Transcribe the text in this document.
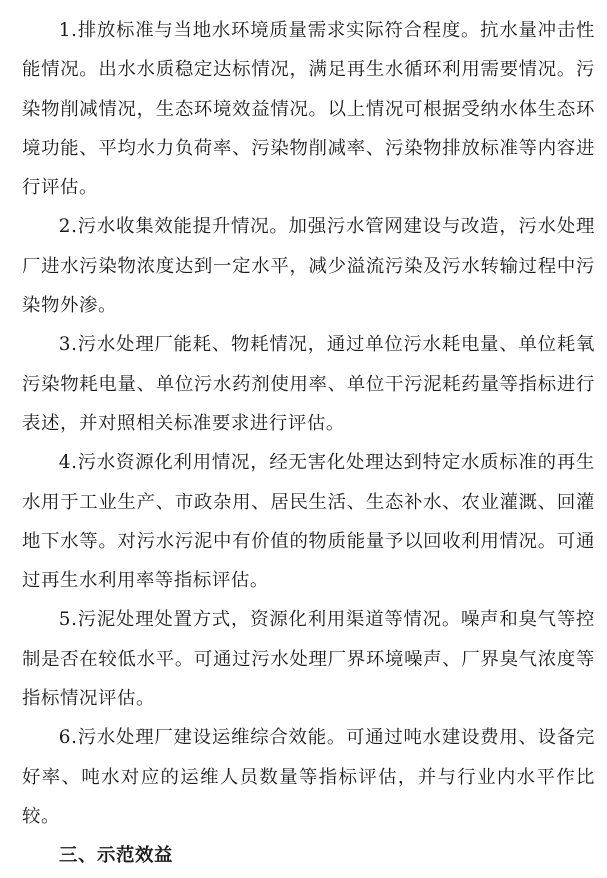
1.排放标准与当地水环境质量需求实际符合程度。抗水量冲击性能情况。出水水质稳定达标情况，满足再生水循环利用需要情况。污染物削减情况，生态环境效益情况。以上情况可根据受纳水体生态环境功能、平均水力负荷率、污染物削减率、污染物排放标准等内容进行评估。

2.污水收集效能提升情况。加强污水管网建设与改造，污水处理厂进水污染物浓度达到一定水平，减少溢流污染及污水转输过程中污染物外渗。

3.污水处理厂能耗、物耗情况，通过单位污水耗电量、单位耗氧污染物耗电量、单位污水药剂使用率、单位干污泥耗药量等指标进行表述，并对照相关标准要求进行评估。

4.污水资源化利用情况，经无害化处理达到特定水质标准的再生水用于工业生产、市政杂用、居民生活、生态补水、农业灌溉、回灌地下水等。对污水污泥中有价值的物质能量予以回收利用情况。可通过再生水利用率等指标评估。

5.污泥处理处置方式，资源化利用渠道等情况。噪声和臭气等控制是否在较低水平。可通过污水处理厂界环境噪声、厂界臭气浓度等指标情况评估。

6.污水处理厂建设运维综合效能。可通过吨水建设费用、设备完好率、吨水对应的运维人员数量等指标评估，并与行业内水平作比较。

三、示范效益
